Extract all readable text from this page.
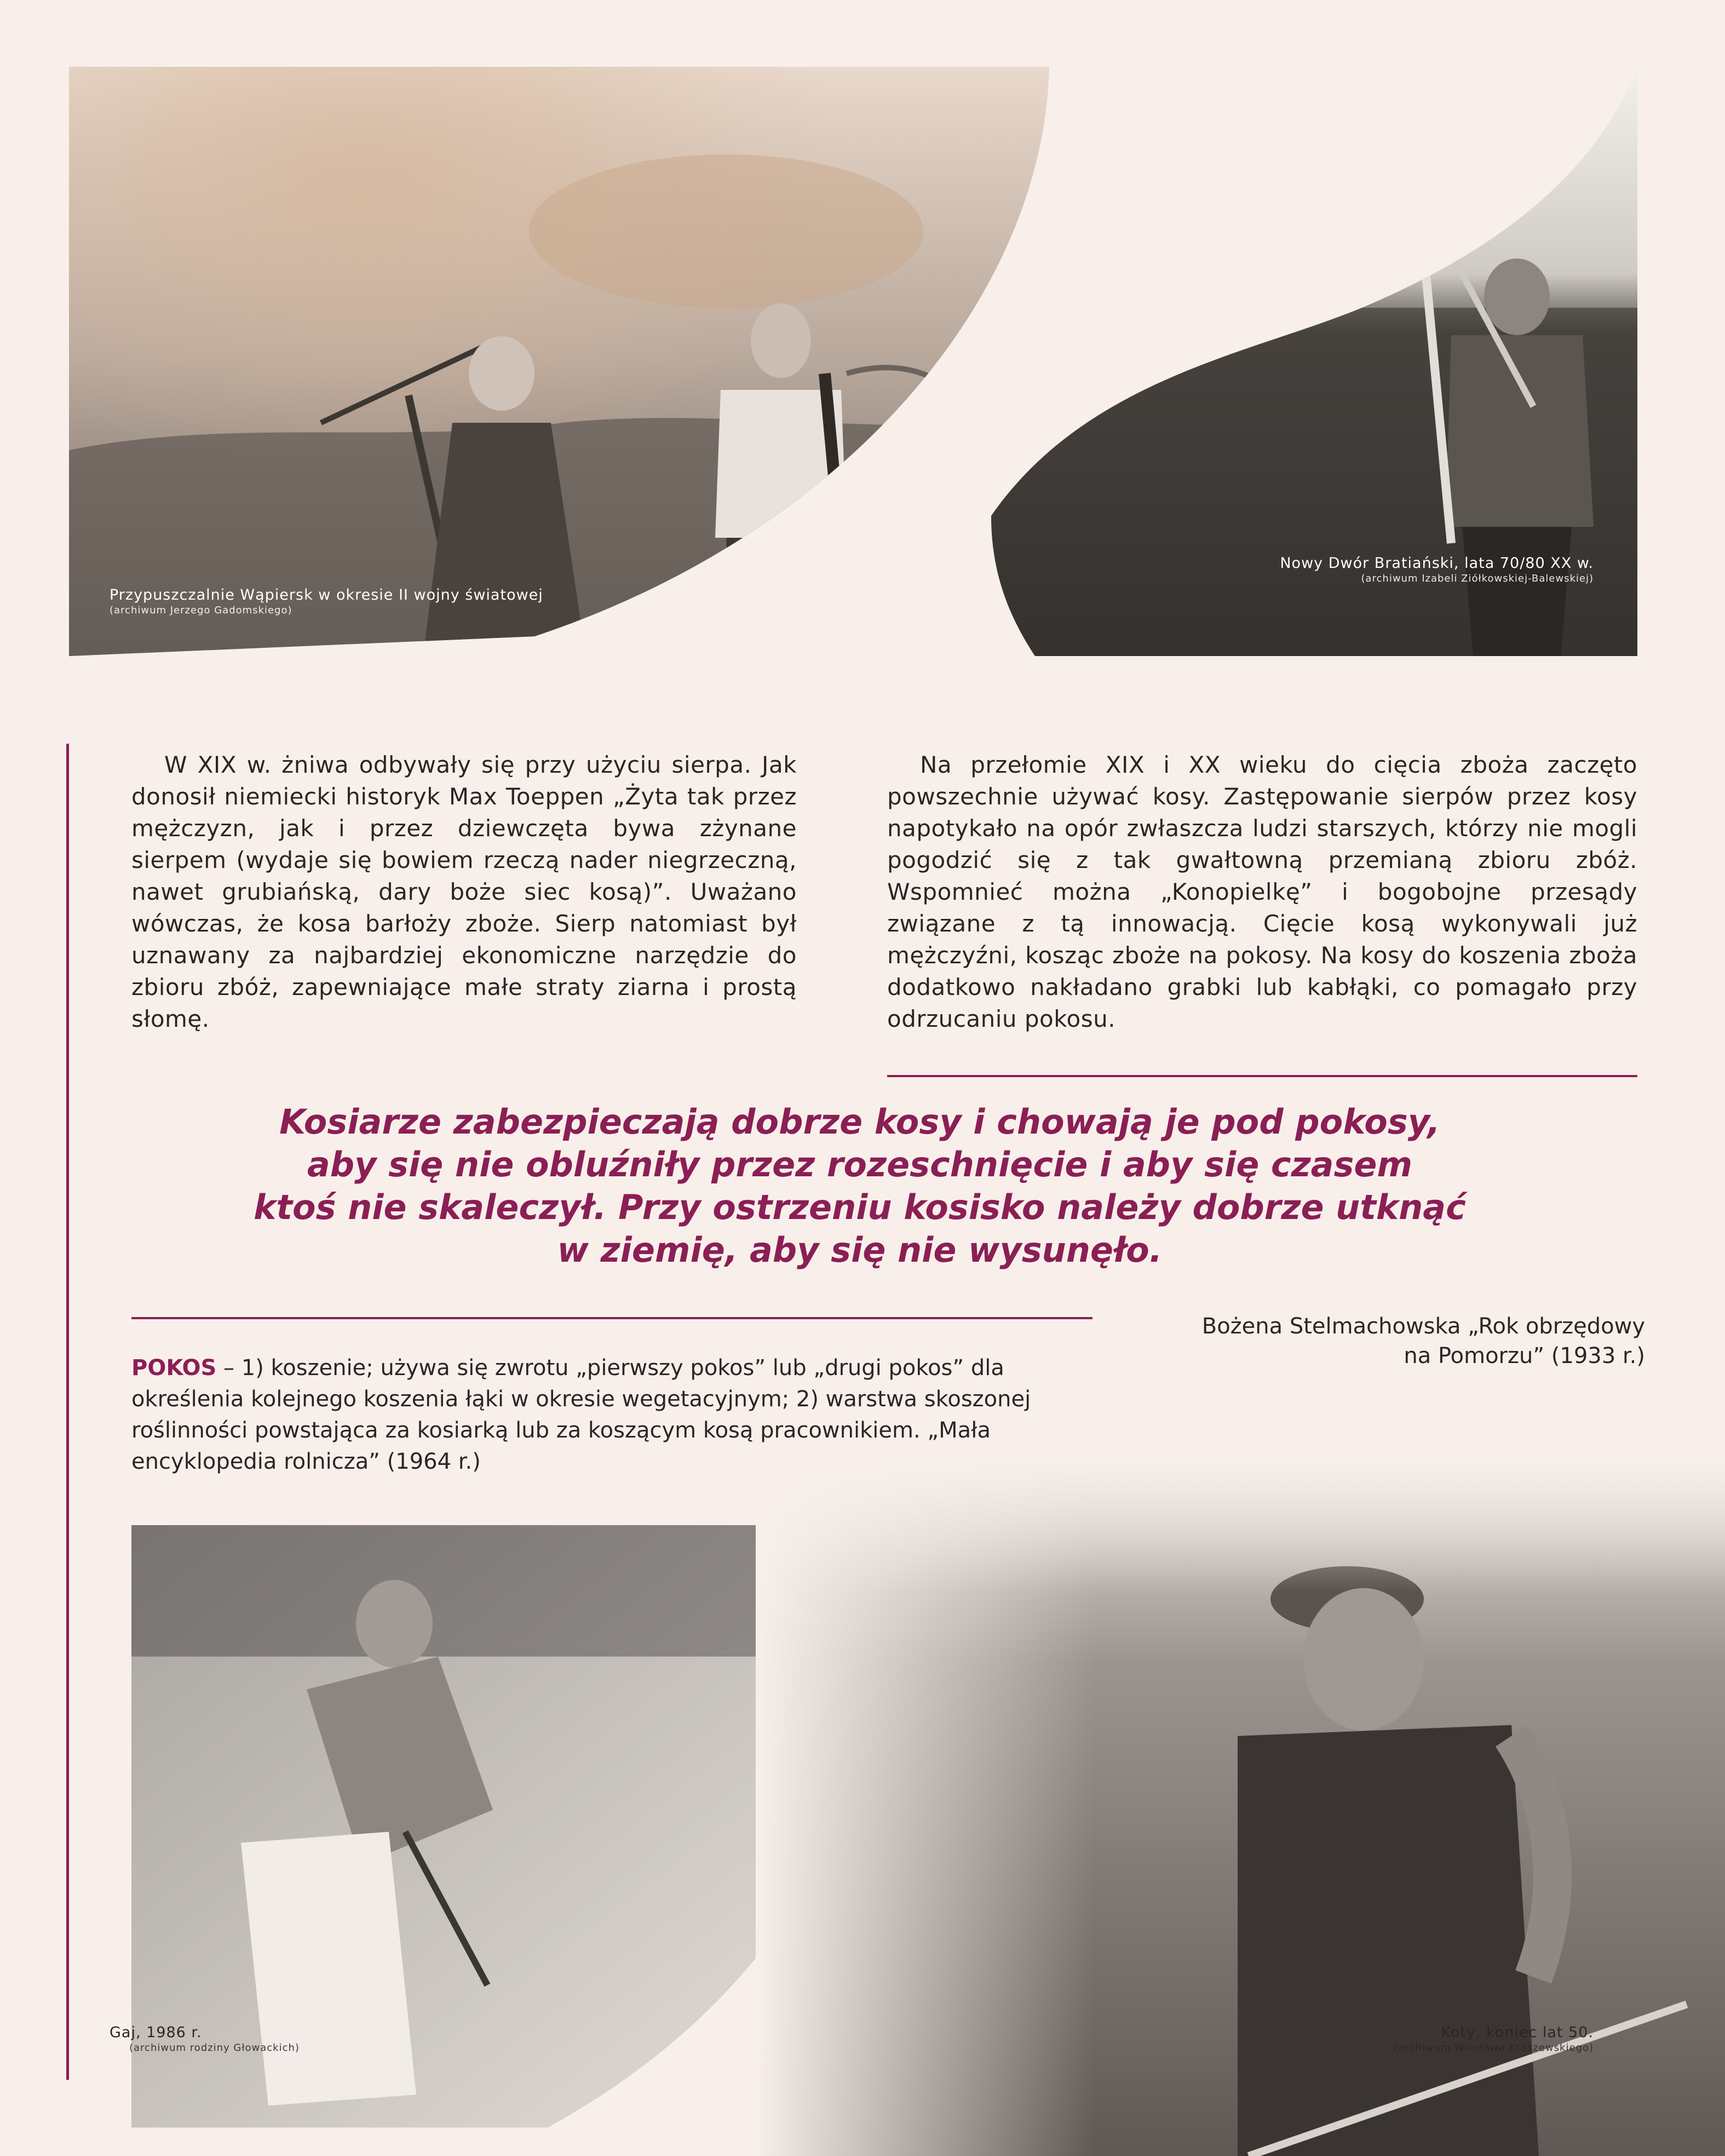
Przypuszczalnie Wąpiersk w okresie II wojny światowej
(archiwum Jerzego Gadomskiego)
Nowy Dwór Bratiański, lata 70/80 XX w.
(archiwum Izabeli Ziółkowskiej-Balewskiej)

W XIX w. żniwa odbywały się przy użyciu sierpa. Jak donosił niemiecki historyk Max Toeppen „Żyta tak przez mężczyzn, jak i przez dziewczęta bywa zżynane sierpem (wydaje się bowiem rzeczą nader niegrzeczną, nawet grubiańską, dary boże siec kosą)”. Uważano wówczas, że kosa barłoży zboże. Sierp natomiast był uznawany za najbardziej ekonomiczne narzędzie do zbioru zbóż, zapewniające małe straty ziarna i prostą słomę.

Na przełomie XIX i XX wieku do cięcia zboża zaczęto powszechnie używać kosy. Zastępowanie sierpów przez kosy napotykało na opór zwłaszcza ludzi starszych, którzy nie mogli pogodzić się z tak gwałtowną przemianą zbioru zbóż. Wspomnieć można „Konopielkę” i bogobojne przesądy związane z tą innowacją. Cięcie kosą wykonywali już mężczyźni, kosząc zboże na pokosy. Na kosy do koszenia zboża dodatkowo nakładano grabki lub kabłąki, co pomagało przy odrzucaniu pokosu.

Kosiarze zabezpieczają dobrze kosy i chowają je pod pokosy,
aby się nie obluźniły przez rozeschnięcie i aby się czasem
ktoś nie skaleczył. Przy ostrzeniu kosisko należy dobrze utknąć
w ziemię, aby się nie wysunęło.

Bożena Stelmachowska „Rok obrzędowy
na Pomorzu” (1933 r.)

POKOS – 1) koszenie; używa się zwrotu „pierwszy pokos” lub „drugi pokos” dla określenia kolejnego koszenia łąki w okresie wegetacyjnym; 2) warstwa skoszonej roślinności powstająca za kosiarką lub za koszącym kosą pracownikiem. „Mała encyklopedia rolnicza” (1964 r.)

Gaj, 1986 r.
(archiwum rodziny Głowackich)
Koty, koniec lat 50.
(archiwum Wiesława Kraszewskiego)
